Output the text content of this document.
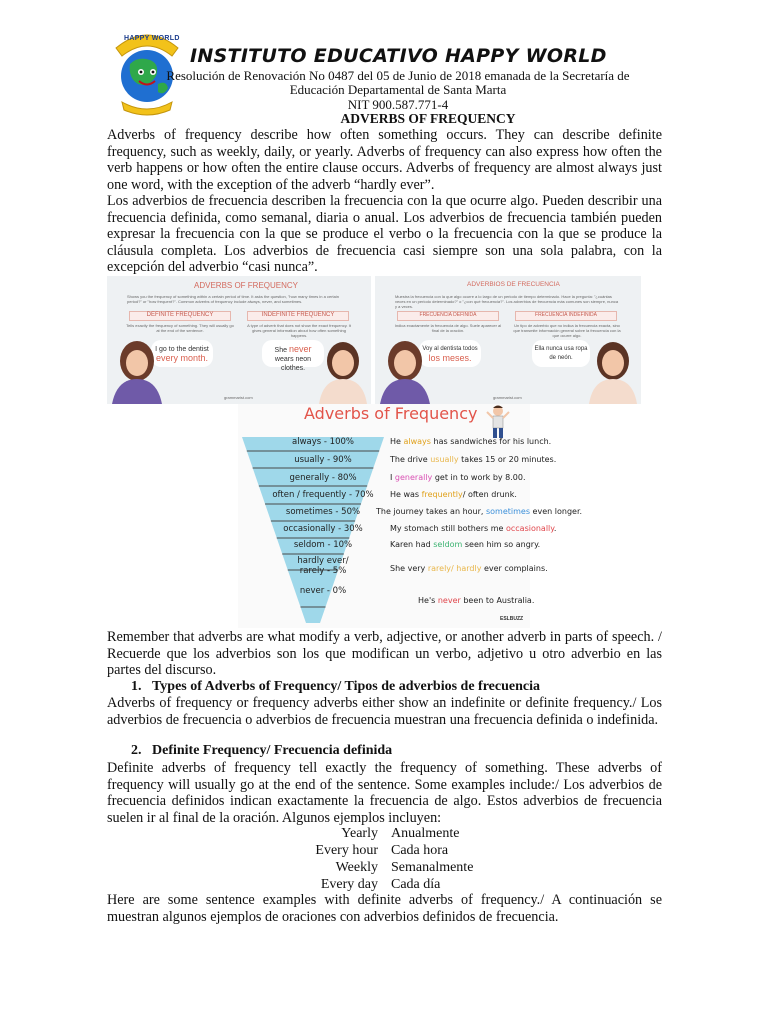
HAPPY WORLD
INSTITUTO EDUCATIVO HAPPY WORLD
Resolución de Renovación No 0487 del 05 de Junio de 2018 emanada de la Secretaría de
Educación Departamental de Santa Marta
NIT 900.587.771-4
ADVERBS OF FREQUENCY

Adverbs of frequency describe how often something occurs. They can describe definite frequency, such as weekly, daily, or yearly. Adverbs of frequency can also express how often the verb happens or how often the entire clause occurs. Adverbs of frequency are almost always just one word, with the exception of the adverb “hardly ever”.

Los adverbios de frecuencia describen la frecuencia con la que ocurre algo. Pueden describir una frecuencia definida, como semanal, diaria o anual. Los adverbios de frecuencia también pueden expresar la frecuencia con la que se produce el verbo o la frecuencia con la que se produce la cláusula completa. Los adverbios de frecuencia casi siempre son una sola palabra, con la excepción del adverbio “casi nunca”.

ADVERBS OF FREQUENCY
Shows you the frequency of something within a certain period of time. It asks the question, "how many times in a certain period?" or "how frequent?". Common adverbs of frequency include always, never, and sometimes.
DEFINITE FREQUENCY	INDEFINITE FREQUENCY
Tells exactly the frequency of something. They will usually go at the end of the sentence.
A type of adverb that does not show the exact frequency. It gives general information about how often something happens.
I go to the dentist
every month.
She never
wears neon clothes.
grammarist.com
ADVERBIOS DE FRECUENCIA
Muestra la frecuencia con la que algo ocurre a lo largo de un periodo de tiempo determinado. Hace la pregunta: "¿cuántas veces en un periodo determinado?" o "¿con qué frecuencia?". Los adverbios de frecuencia más comunes son siempre, nunca y a veces.
FRECUENCIA DEFINIDA	FRECUENCIA INDEFINIDA
Indica exactamente la frecuencia de algo. Suele aparecer al final de la oración.
Un tipo de adverbio que no indica la frecuencia exacta, sino que transmite información general sobre la frecuencia con la que ocurre algo.
Voy al dentista todos
los meses.
Ella nunca usa ropa de neón.
grammarist.com
Adverbs of Frequency
always - 100%
usually - 90%
generally - 80%
often / frequently - 70%
sometimes - 50%
occasionally - 30%
seldom - 10%
hardly ever/ rarely - 5%
never - 0%
He always has sandwiches for his lunch.
The drive usually takes 15 or 20 minutes.
I generally get in to work by 8.00.
He was frequently/ often drunk.
The journey takes an hour, sometimes even longer.
My stomach still bothers me occasionally.
Karen had seldom seen him so angry.
She very rarely/ hardly ever complains.
He's never been to Australia.
ESLBUZZ

Remember that adverbs are what modify a verb, adjective, or another adverb in parts of speech. / Recuerde que los adverbios son los que modifican un verbo, adjetivo u otro adverbio en las partes del discurso.

1. Types of Adverbs of Frequency/ Tipos de adverbios de frecuencia

Adverbs of frequency or frequency adverbs either show an indefinite or definite frequency./ Los adverbios de frecuencia o adverbios de frecuencia muestran una frecuencia definida o indefinida.

2. Definite Frequency/ Frecuencia definida

Definite adverbs of frequency tell exactly the frequency of something. These adverbs of frequency will usually go at the end of the sentence. Some examples include:/ Los adverbios de frecuencia definidos indican exactamente la frecuencia de algo. Estos adverbios de frecuencia suelen ir al final de la oración. Algunos ejemplos incluyen:

Yearly Anualmente
Every hour Cada hora
Weekly Semanalmente
Every day Cada día

Here are some sentence examples with definite adverbs of frequency./ A continuación se muestran algunos ejemplos de oraciones con adverbios definidos de frecuencia.
